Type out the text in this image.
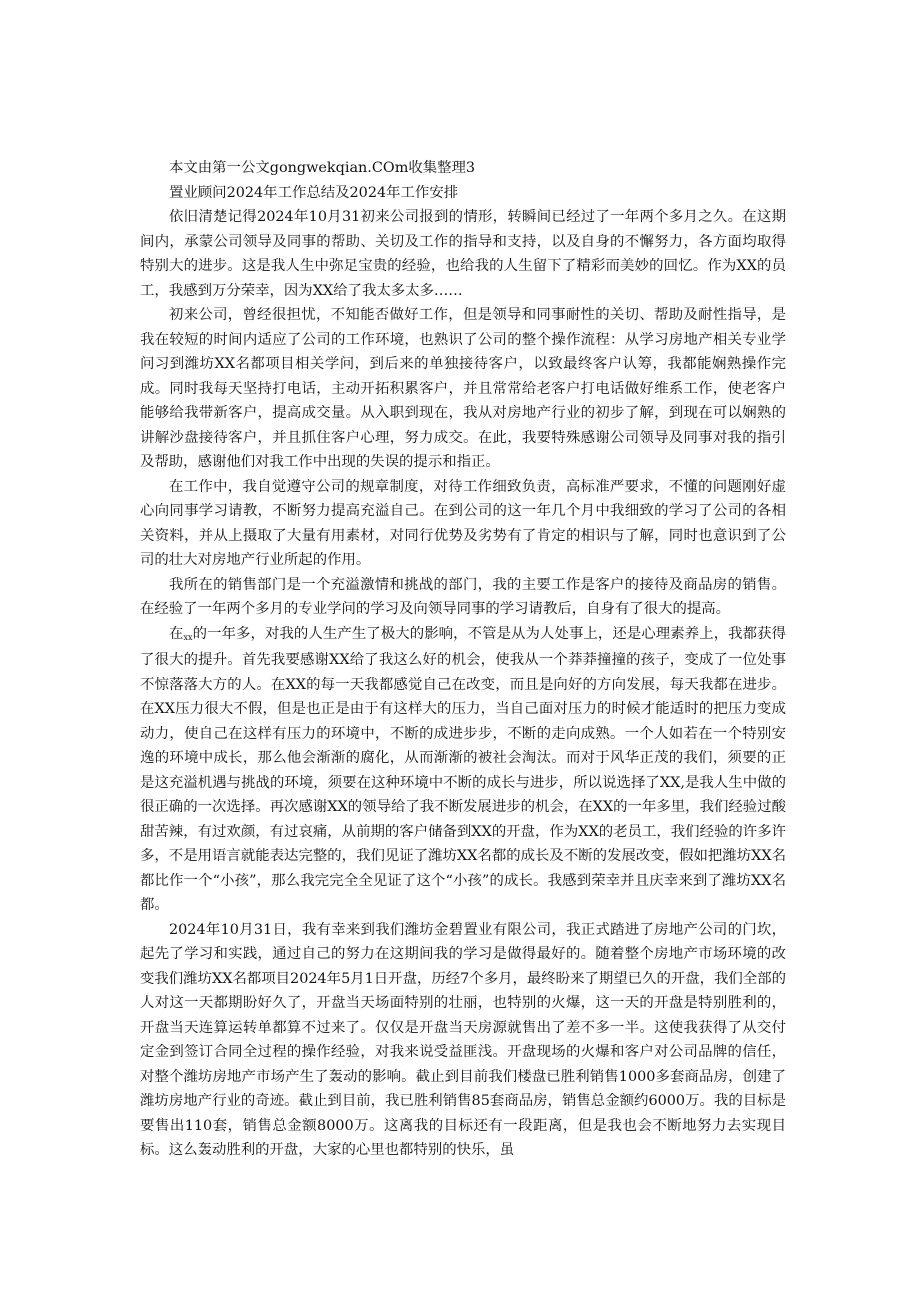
本文由第一公文gongwekqian.COm收集整理3

置业顾问2024年工作总结及2024年工作安排

依旧清楚记得2024年10月31初来公司报到的情形，转瞬间已经过了一年两个多月之久。在这期间内，承蒙公司领导及同事的帮助、关切及工作的指导和支持，以及自身的不懈努力，各方面均取得特别大的进步。这是我人生中弥足宝贵的经验，也给我的人生留下了精彩而美妙的回忆。作为XX的员工，我感到万分荣幸，因为XX给了我太多太多……

初来公司，曾经很担忧，不知能否做好工作，但是领导和同事耐性的关切、帮助及耐性指导，是我在较短的时间内适应了公司的工作环境，也熟识了公司的整个操作流程：从学习房地产相关专业学问习到潍坊XX名都项目相关学问，到后来的单独接待客户，以致最终客户认筹，我都能娴熟操作完成。同时我每天坚持打电话，主动开拓积累客户，并且常常给老客户打电话做好维系工作，使老客户能够给我带新客户，提高成交量。从入职到现在，我从对房地产行业的初步了解，到现在可以娴熟的讲解沙盘接待客户，并且抓住客户心理，努力成交。在此，我要特殊感谢公司领导及同事对我的指引及帮助，感谢他们对我工作中出现的失误的提示和指正。

在工作中，我自觉遵守公司的规章制度，对待工作细致负责，高标准严要求，不懂的问题刚好虚心向同事学习请教，不断努力提高充溢自己。在到公司的这一年几个月中我细致的学习了公司的各相关资料，并从上摄取了大量有用素材，对同行优势及劣势有了肯定的相识与了解，同时也意识到了公司的壮大对房地产行业所起的作用。

我所在的销售部门是一个充溢激情和挑战的部门，我的主要工作是客户的接待及商品房的销售。在经验了一年两个多月的专业学问的学习及向领导同事的学习请教后，自身有了很大的提高。

在xx的一年多，对我的人生产生了极大的影响，不管是从为人处事上，还是心理素养上，我都获得了很大的提升。首先我要感谢XX给了我这么好的机会，使我从一个莽莽撞撞的孩子，变成了一位处事不惊落落大方的人。在XX的每一天我都感觉自己在改变，而且是向好的方向发展，每天我都在进步。在XX压力很大不假，但是也正是由于有这样大的压力，当自己面对压力的时候才能适时的把压力变成动力，使自己在这样有压力的环境中，不断的成进步步，不断的走向成熟。一个人如若在一个特别安逸的环境中成长，那么他会渐渐的腐化，从而渐渐的被社会淘汰。而对于风华正茂的我们，须要的正是这充溢机遇与挑战的环境，须要在这种环境中不断的成长与进步，所以说选择了XX,是我人生中做的很正确的一次选择。再次感谢XX的领导给了我不断发展进步的机会，在XX的一年多里，我们经验过酸甜苦辣，有过欢颜，有过哀痛，从前期的客户储备到XX的开盘，作为XX的老员工，我们经验的许多许多，不是用语言就能表达完整的，我们见证了潍坊XX名都的成长及不断的发展改变，假如把潍坊XX名都比作一个“小孩”，那么我完完全全见证了这个“小孩”的成长。我感到荣幸并且庆幸来到了潍坊XX名都。

2024年10月31日，我有幸来到我们潍坊金碧置业有限公司，我正式踏进了房地产公司的门坎，起先了学习和实践，通过自己的努力在这期间我的学习是做得最好的。随着整个房地产市场环境的改变我们潍坊XX名都项目2024年5月1日开盘，历经7个多月，最终盼来了期望已久的开盘，我们全部的人对这一天都期盼好久了，开盘当天场面特别的壮丽，也特别的火爆，这一天的开盘是特别胜利的，开盘当天连算运转单都算不过来了。仅仅是开盘当天房源就售出了差不多一半。这使我获得了从交付定金到签订合同全过程的操作经验，对我来说受益匪浅。开盘现场的火爆和客户对公司品牌的信任，对整个潍坊房地产市场产生了轰动的影响。截止到目前我们楼盘已胜利销售1000多套商品房，创建了潍坊房地产行业的奇迹。截止到目前，我已胜利销售85套商品房，销售总金额约6000万。我的目标是要售出110套，销售总金额8000万。这离我的目标还有一段距离，但是我也会不断地努力去实现目标。这么轰动胜利的开盘，大家的心里也都特别的快乐，虽
